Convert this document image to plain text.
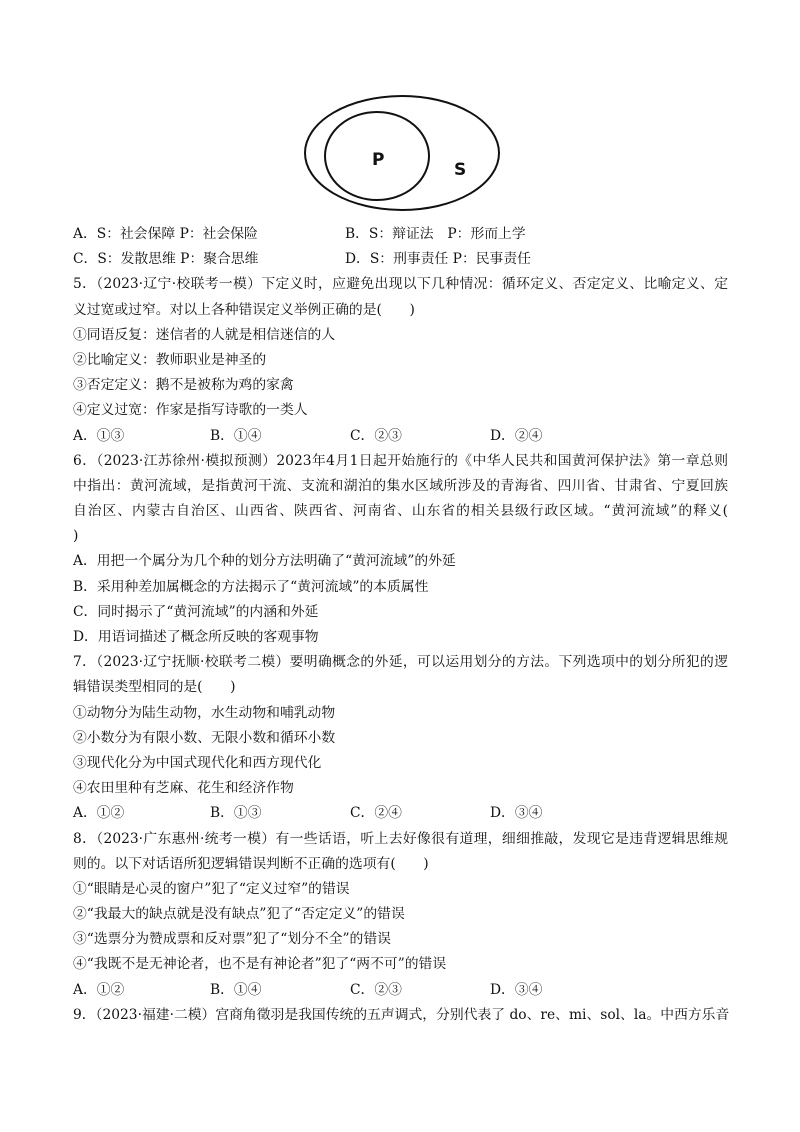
P	S
A．S：社会保障 P：社会保险	B．S：辩证法　P：形而上学
C．S：发散思维 P：聚合思维	D．S：刑事责任 P：民事责任
5．（2023·辽宁·校联考一模）下定义时，应避免出现以下几种情况：循环定义、否定定义、比喻定义、定
义过宽或过窄。对以上各种错误定义举例正确的是(　　)
①同语反复：迷信者的人就是相信迷信的人
②比喻定义：教师职业是神圣的
③否定定义：鹅不是被称为鸡的家禽
④定义过宽：作家是指写诗歌的一类人
A．①③	B．①④	C．②③	D．②④
6．（2023·江苏徐州·模拟预测）2023年4月1日起开始施行的《中华人民共和国黄河保护法》第一章总则
中指出：黄河流域，是指黄河干流、支流和湖泊的集水区域所涉及的青海省、四川省、甘肃省、宁夏回族
自治区、内蒙古自治区、山西省、陕西省、河南省、山东省的相关县级行政区域。“黄河流域”的释义(
)
A．用把一个属分为几个种的划分方法明确了“黄河流域”的外延
B．采用种差加属概念的方法揭示了“黄河流域”的本质属性
C．同时揭示了“黄河流域”的内涵和外延
D．用语词描述了概念所反映的客观事物
7．（2023·辽宁抚顺·校联考二模）要明确概念的外延，可以运用划分的方法。下列选项中的划分所犯的逻
辑错误类型相同的是(　　)
①动物分为陆生动物，水生动物和哺乳动物
②小数分为有限小数、无限小数和循环小数
③现代化分为中国式现代化和西方现代化
④农田里种有芝麻、花生和经济作物
A．①②	B．①③	C．②④	D．③④
8．（2023·广东惠州·统考一模）有一些话语，听上去好像很有道理，细细推敲，发现它是违背逻辑思维规
则的。以下对话语所犯逻辑错误判断不正确的选项有(　　)
①“眼睛是心灵的窗户”犯了“定义过窄”的错误
②“我最大的缺点就是没有缺点”犯了“否定定义”的错误
③“选票分为赞成票和反对票”犯了“划分不全”的错误
④“我既不是无神论者，也不是有神论者”犯了“两不可”的错误
A．①②	B．①④	C．②③	D．③④
9．（2023·福建·二模）宫商角徵羽是我国传统的五声调式，分别代表了 do、re、mi、sol、la。中西方乐音
